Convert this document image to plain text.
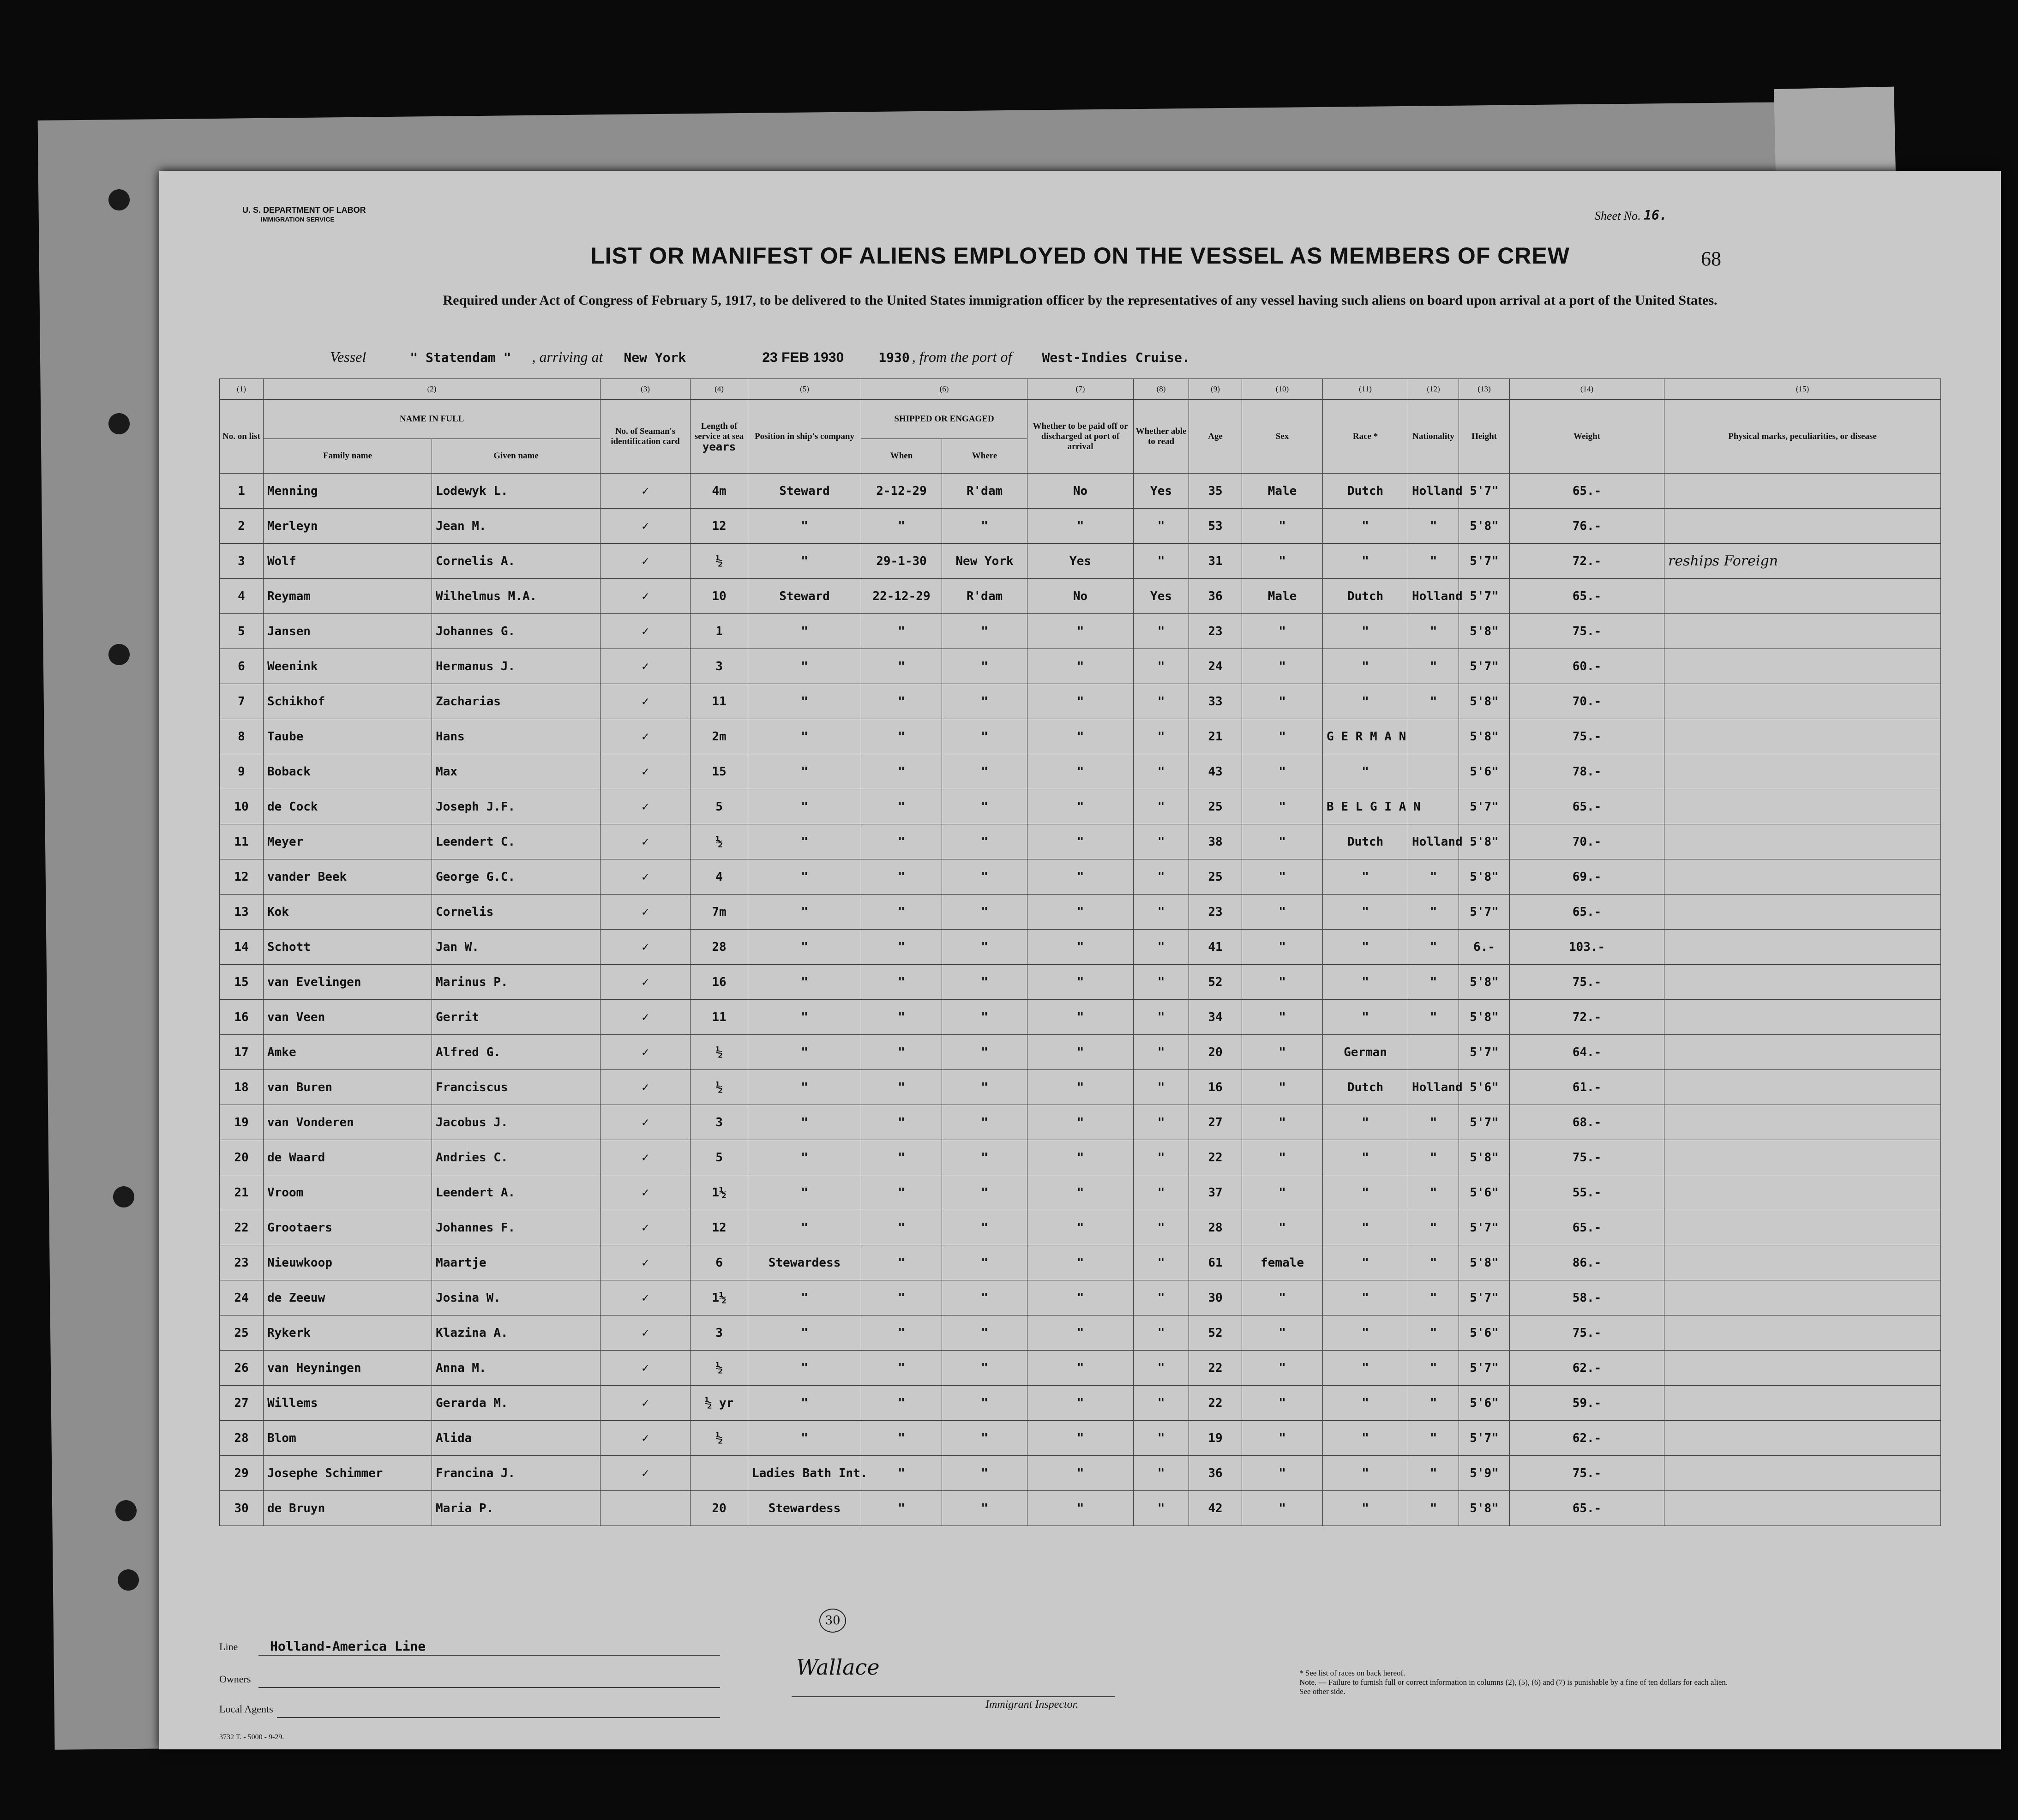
U. S. DEPARTMENT OF LABOR
IMMIGRATION SERVICE	Sheet No. 16.
68
LIST OR MANIFEST OF ALIENS EMPLOYED ON THE VESSEL AS MEMBERS OF CREW
Required under Act of Congress of February 5, 1917, to be delivered to the United States immigration officer by the representatives of any vessel having such aliens on board upon arrival at a port of the United States.
Vessel	" Statendam " , arriving at New York	23 FEB 1930	1930 , from the port of West-Indies Cruise.
(1)	(2)		(3)	(4)	(5)	(6)		(7)	(8)	(9)	(10)	(11)	(12)	(13)	(14)	(15)
No. on list	NAME IN FULL		No. of Seaman's identification card	Length of service at sea
years	Position in ship's company	SHIPPED OR ENGAGED		Whether to be paid off or discharged at port of arrival	Whether able to read	Age	Sex	Race *	Nationality	Height	Weight	Physical marks, peculiarities, or disease
	Family name	Given name				When	Where									
1	Menning	Lodewyk L.	✓	4m	Steward	2-12-29	R'dam	No	Yes	35	Male	Dutch	Holland	5'7"	65.-	
2	Merleyn	Jean M.	✓	12	"	"	"	"	"	53	"	"	"	5'8"	76.-	
3	Wolf	Cornelis A.	✓	½	"	29-1-30	New York	Yes	"	31	"	"	"	5'7"	72.-	reships Foreign
4	Reymam	Wilhelmus M.A.	✓	10	Steward	22-12-29	R'dam	No	Yes	36	Male	Dutch	Holland	5'7"	65.-	
5	Jansen	Johannes G.	✓	1	"	"	"	"	"	23	"	"	"	5'8"	75.-	
6	Weenink	Hermanus J.	✓	3	"	"	"	"	"	24	"	"	"	5'7"	60.-	
7	Schikhof	Zacharias	✓	11	"	"	"	"	"	33	"	"	"	5'8"	70.-	
8	Taube	Hans	✓	2m	"	"	"	"	"	21	"	G E R M A N		5'8"	75.-	
9	Boback	Max	✓	15	"	"	"	"	"	43	"	"		5'6"	78.-	
10	de Cock	Joseph J.F.	✓	5	"	"	"	"	"	25	"	B E L G I A N		5'7"	65.-	
11	Meyer	Leendert C.	✓	½	"	"	"	"	"	38	"	Dutch	Holland	5'8"	70.-	
12	vander Beek	George G.C.	✓	4	"	"	"	"	"	25	"	"	"	5'8"	69.-	
13	Kok	Cornelis	✓	7m	"	"	"	"	"	23	"	"	"	5'7"	65.-	
14	Schott	Jan W.	✓	28	"	"	"	"	"	41	"	"	"	6.-	103.-	
15	van Evelingen	Marinus P.	✓	16	"	"	"	"	"	52	"	"	"	5'8"	75.-	
16	van Veen	Gerrit	✓	11	"	"	"	"	"	34	"	"	"	5'8"	72.-	
17	Amke	Alfred G.	✓	½	"	"	"	"	"	20	"	German		5'7"	64.-	
18	van Buren	Franciscus	✓	½	"	"	"	"	"	16	"	Dutch	Holland	5'6"	61.-	
19	van Vonderen	Jacobus J.	✓	3	"	"	"	"	"	27	"	"	"	5'7"	68.-	
20	de Waard	Andries C.	✓	5	"	"	"	"	"	22	"	"	"	5'8"	75.-	
21	Vroom	Leendert A.	✓	1½	"	"	"	"	"	37	"	"	"	5'6"	55.-	
22	Grootaers	Johannes F.	✓	12	"	"	"	"	"	28	"	"	"	5'7"	65.-	
23	Nieuwkoop	Maartje	✓	6	Stewardess	"	"	"	"	61	female	"	"	5'8"	86.-	
24	de Zeeuw	Josina W.	✓	1½	"	"	"	"	"	30	"	"	"	5'7"	58.-	
25	Rykerk	Klazina A.	✓	3	"	"	"	"	"	52	"	"	"	5'6"	75.-	
26	van Heyningen	Anna M.	✓	½	"	"	"	"	"	22	"	"	"	5'7"	62.-	
27	Willems	Gerarda M.	✓	½ yr	"	"	"	"	"	22	"	"	"	5'6"	59.-	
28	Blom	Alida	✓	½	"	"	"	"	"	19	"	"	"	5'7"	62.-	
29	Josephe Schimmer	Francina J.	✓		Ladies Bath Int.	"	"	"	"	36	"	"	"	5'9"	75.-	
30	de Bruyn	Maria P.		20	Stewardess	"	"	"	"	42	"	"	"	5'8"	65.-	
30
Line Holland-America Line
Owners
Local Agents
3732 T. - 5000 - 9-29.
Wallace
Immigrant Inspector.
* See list of races on back hereof.
Note. — Failure to furnish full or correct information in columns (2), (5), (6) and (7) is punishable by a fine of ten dollars for each alien. See other side.
